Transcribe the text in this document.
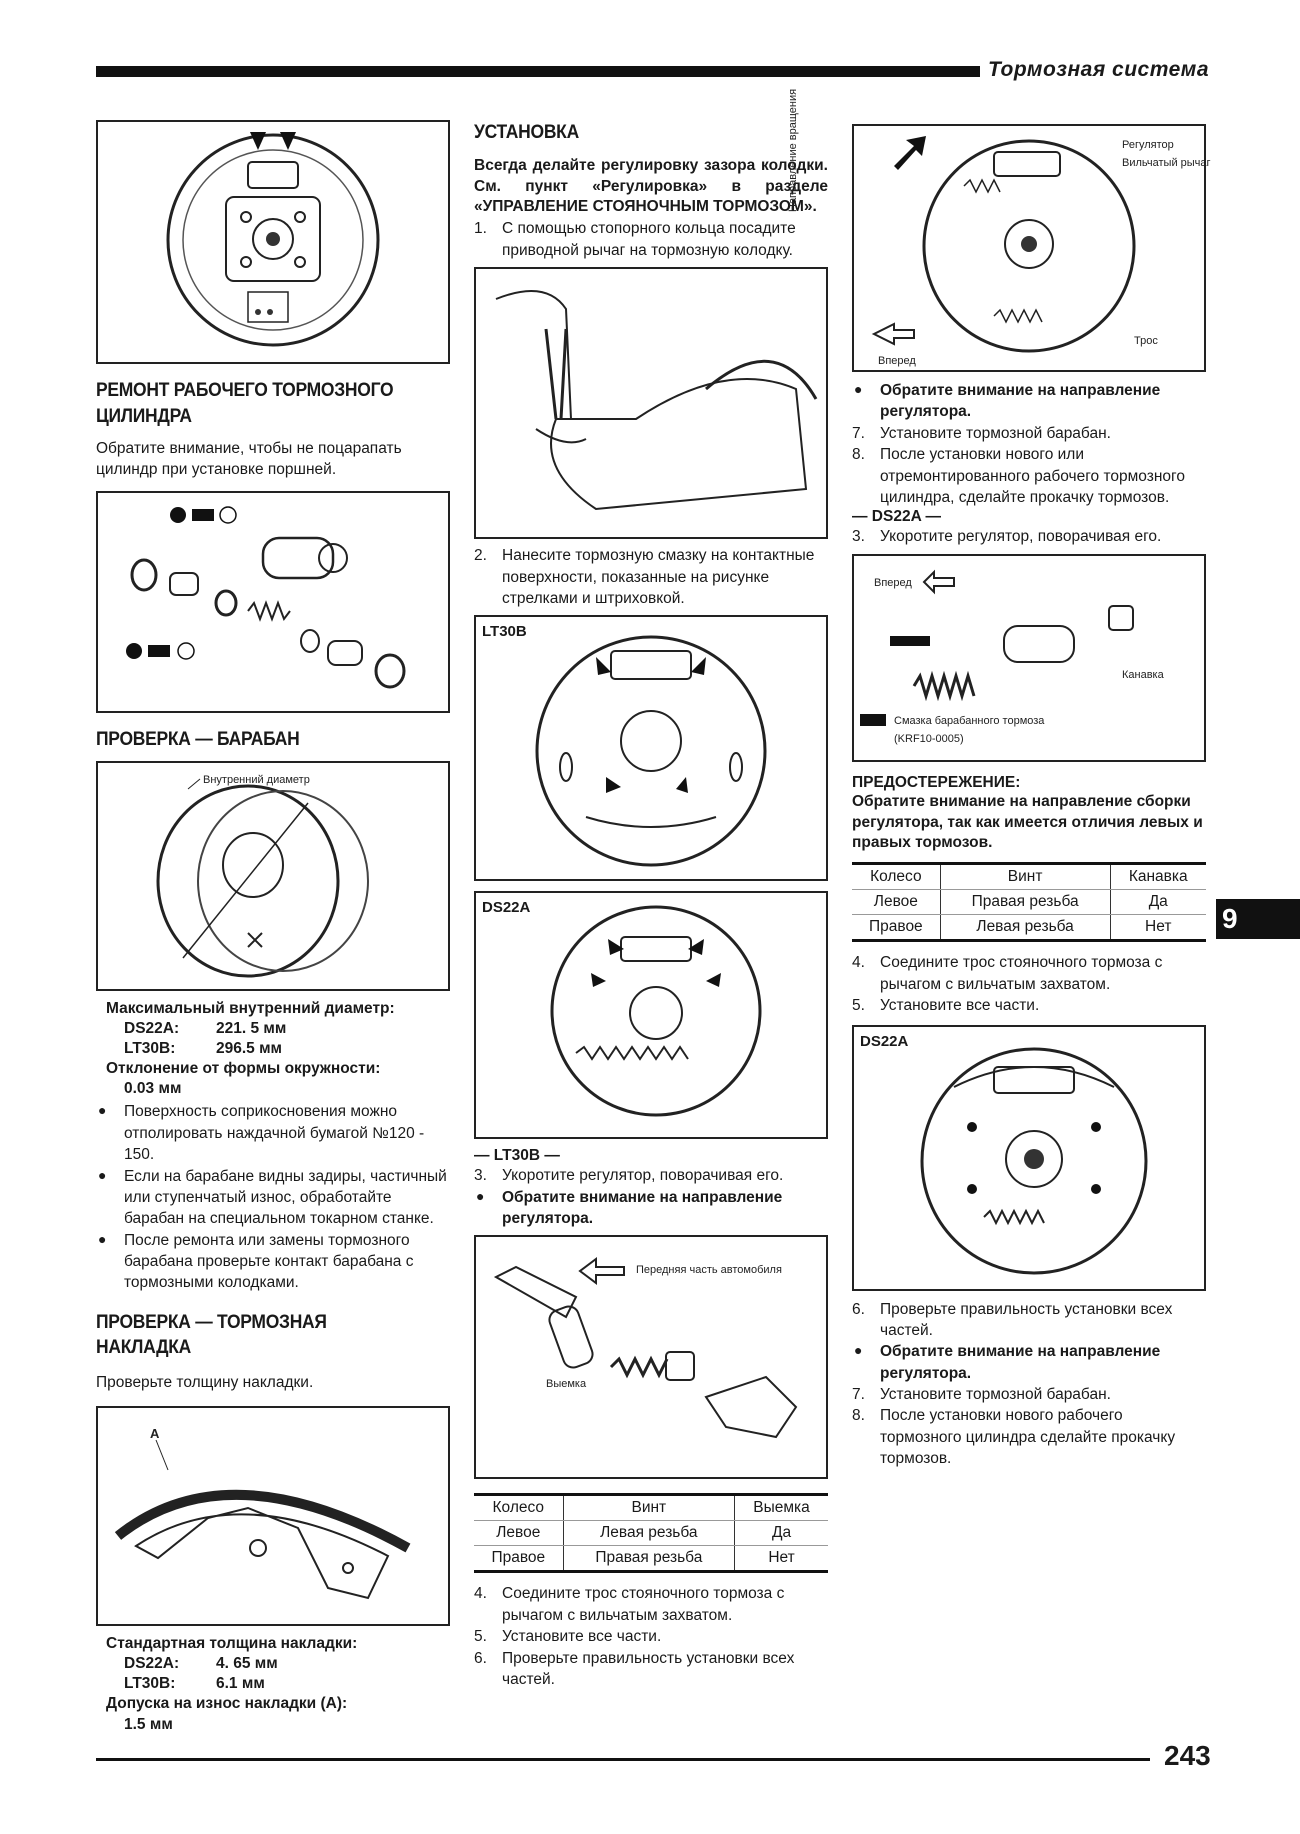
Тормозная система
РЕМОНТ РАБОЧЕГО ТОРМОЗНОГО ЦИЛИНДРА

Обратите внимание, чтобы не поцарапать цилиндр при установке поршней.

ПРОВЕРКА — БАРАБАН
Внутренний диаметр
Максимальный внутренний диаметр:
DS22A:	221. 5 мм
LT30B:	296.5 мм
Отклонение от формы окружности:
0.03 мм
● Поверхность соприкосновения можно отполировать наждачной бумагой №120 - 150.
● Если на барабане видны задиры, частичный или ступенчатый износ, обработайте барабан на специальном токарном станке.
● После ремонта или замены тормозного барабана проверьте контакт барабана с тормозными колодками.
ПРОВЕРКА — ТОРМОЗНАЯ НАКЛАДКА

Проверьте толщину накладки.

A
Стандартная толщина накладки:
DS22A:	4. 65 мм
LT30B:	6.1 мм
Допуска на износ накладки (А):
1.5 мм
УСТАНОВКА

Всегда делайте регулировку зазора колодки. См. пункт «Регулировка» в разделе «УПРАВЛЕНИЕ СТОЯНОЧНЫМ ТОРМОЗОМ».

1. С помощью стопорного кольца посадите приводной рычаг на тормозную колодку.
2. Нанесите тормозную смазку на контактные поверхности, показанные на рисунке стрелками и штриховкой.
LT30B
DS22A
— LT30B —
3. Укоротите регулятор, поворачивая его.
● Обратите внимание на направление регулятора.
Передняя часть автомобиля
Выемка
Колесо	Винт	Выемка
Левое	Левая резьба	Да
Правое	Правая резьба	Нет
4. Соедините трос стояночного тормоза с рычагом с вильчатым захватом.
5. Установите все части.
6. Проверьте правильность установки всех частей.
Направление вращения	Регулятор
Вильчатый рычаг
Трос
Вперед
● Обратите внимание на направление регулятора.
7. Установите тормозной барабан.
8. После установки нового или отремонтированного рабочего тормозного цилиндра, сделайте прокачку тормозов.
— DS22A —
3. Укоротите регулятор, поворачивая его.
Вперед
Канавка
Смазка барабанного тормоза
(KRF10-0005)
ПРЕДОСТЕРЕЖЕНИЕ:

Обратите внимание на направление сборки регулятора, так как имеется отличия левых и правых тормозов.

Колесо	Винт	Канавка
Левое	Правая резьба	Да
Правое	Левая резьба	Нет
4. Соедините трос стояночного тормоза с рычагом с вильчатым захватом.
5. Установите все части.
DS22A
6. Проверьте правильность установки всех частей.
● Обратите внимание на направление регулятора.
7. Установите тормозной барабан.
8. После установки нового рабочего тормозного цилиндра сделайте прокачку тормозов.
9
243
